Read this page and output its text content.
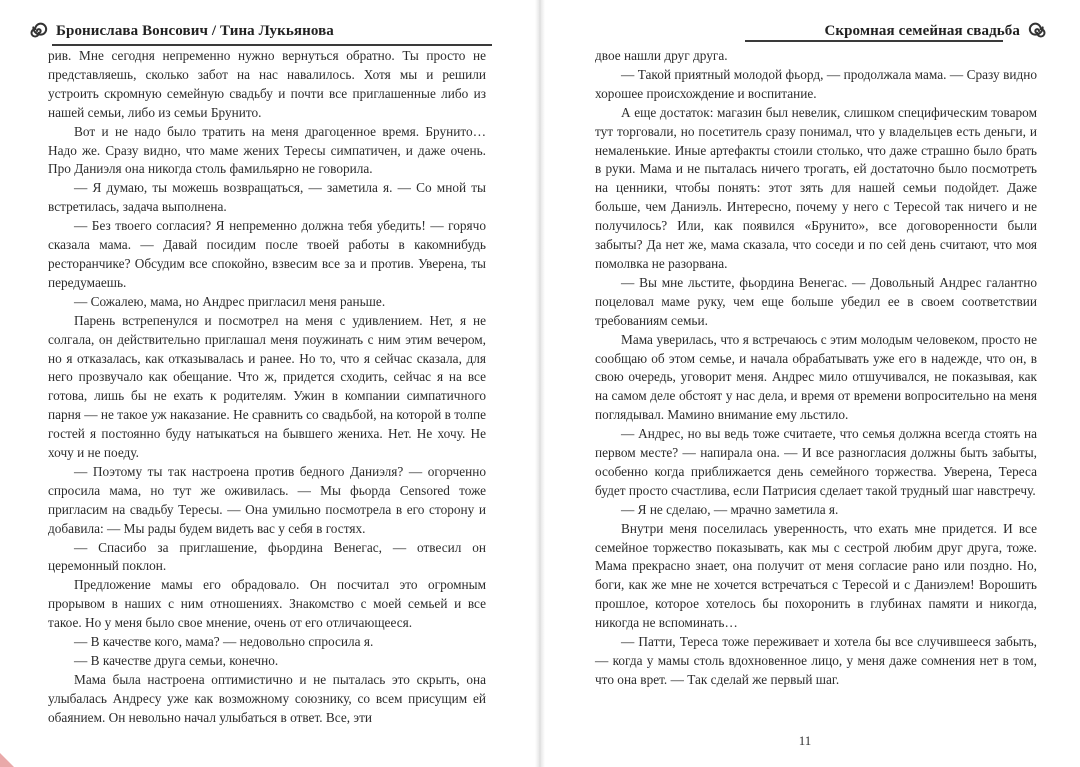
Бронислава Вонсович / Тина Лукьянова

рив. Мне сегодня непременно нужно вернуться обратно. Ты просто не представляешь, сколько забот на нас навалилось. Хотя мы и решили устроить скромную семейную свадьбу и почти все приглашенные либо из нашей семьи, либо из семьи Брунито.

Вот и не надо было тратить на меня драгоценное время. Брунито… Надо же. Сразу видно, что маме жених Тересы симпатичен, и даже очень. Про Даниэля она никогда столь фамильярно не говорила.

— Я думаю, ты можешь возвращаться, — заметила я. — Со мной ты встретилась, задача выполнена.

— Без твоего согласия? Я непременно должна тебя убедить! — горячо сказала мама. — Давай посидим после твоей работы в какомнибудь ресторанчике? Обсудим все спокойно, взвесим все за и против. Уверена, ты передумаешь.

— Сожалею, мама, но Андрес пригласил меня раньше.

Парень встрепенулся и посмотрел на меня с удивлением. Нет, я не солгала, он действительно приглашал меня поужинать с ним этим вечером, но я отказалась, как отказывалась и ранее. Но то, что я сейчас сказала, для него прозвучало как обещание. Что ж, придется сходить, сейчас я на все готова, лишь бы не ехать к родителям. Ужин в компании симпатичного парня — не такое уж наказание. Не сравнить со свадьбой, на которой в толпе гостей я постоянно буду натыкаться на бывшего жениха. Нет. Не хочу. Не хочу и не поеду.

— Поэтому ты так настроена против бедного Даниэля? — огорченно спросила мама, но тут же оживилась. — Мы фьорда Censored тоже пригласим на свадьбу Тересы. — Она умильно посмотрела в его сторону и добавила: — Мы рады будем видеть вас у себя в гостях.

— Спасибо за приглашение, фьордина Венегас, — отвесил он церемонный поклон.

Предложение мамы его обрадовало. Он посчитал это огромным прорывом в наших с ним отношениях. Знакомство с моей семьей и все такое. Но у меня было свое мнение, очень от его отличающееся.

— В качестве кого, мама? — недовольно спросила я.

— В качестве друга семьи, конечно.

Мама была настроена оптимистично и не пыталась это скрыть, она улыбалась Андресу уже как возможному союзнику, со всем присущим ей обаянием. Он невольно начал улыбаться в ответ. Все, эти

Скромная семейная свадьба

двое нашли друг друга.

— Такой приятный молодой фьорд, — продолжала мама. — Сразу видно хорошее происхождение и воспитание.

А еще достаток: магазин был невелик, слишком специфическим товаром тут торговали, но посетитель сразу понимал, что у владельцев есть деньги, и немаленькие. Иные артефакты стоили столько, что даже страшно было брать в руки. Мама и не пыталась ничего трогать, ей достаточно было посмотреть на ценники, чтобы понять: этот зять для нашей семьи подойдет. Даже больше, чем Даниэль. Интересно, почему у него с Тересой так ничего и не получилось? Или, как появился «Брунито», все договоренности были забыты? Да нет же, мама сказала, что соседи и по сей день считают, что моя помолвка не разорвана.

— Вы мне льстите, фьордина Венегас. — Довольный Андрес галантно поцеловал маме руку, чем еще больше убедил ее в своем соответствии требованиям семьи.

Мама уверилась, что я встречаюсь с этим молодым человеком, просто не сообщаю об этом семье, и начала обрабатывать уже его в надежде, что он, в свою очередь, уговорит меня. Андрес мило отшучивался, не показывая, как на самом деле обстоят у нас дела, и время от времени вопросительно на меня поглядывал. Мамино внимание ему льстило.

— Андрес, но вы ведь тоже считаете, что семья должна всегда стоять на первом месте? — напирала она. — И все разногласия должны быть забыты, особенно когда приближается день семейного торжества. Уверена, Тереса будет просто счастлива, если Патрисия сделает такой трудный шаг навстречу.

— Я не сделаю, — мрачно заметила я.

Внутри меня поселилась уверенность, что ехать мне придется. И все семейное торжество показывать, как мы с сестрой любим друг друга, тоже. Мама прекрасно знает, она получит от меня согласие рано или поздно. Но, боги, как же мне не хочется встречаться с Тересой и с Даниэлем! Ворошить прошлое, которое хотелось бы похоронить в глубинах памяти и никогда, никогда не вспоминать…

— Патти, Тереса тоже переживает и хотела бы все случившееся забыть, — когда у мамы столь вдохновенное лицо, у меня даже сомнения нет в том, что она врет. — Так сделай же первый шаг.

11
